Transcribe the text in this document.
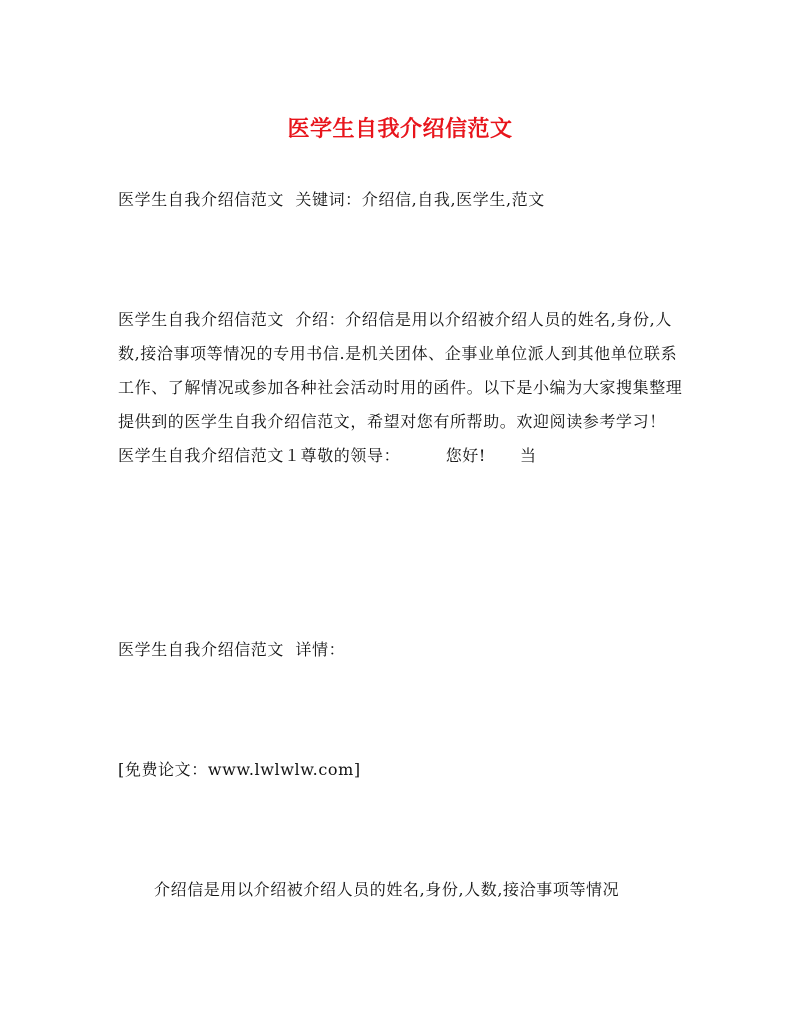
医学生自我介绍信范文

医学生自我介绍信范文  关键词：介绍信,自我,医学生,范文

医学生自我介绍信范文  介绍：介绍信是用以介绍被介绍人员的姓名,身份,人数,接洽事项等情况的专用书信.是机关团体、企事业单位派人到其他单位联系工作、了解情况或参加各种社会活动时用的函件。以下是小编为大家搜集整理提供到的医学生自我介绍信范文，希望对您有所帮助。欢迎阅读参考学习！        医学生自我介绍信范文１尊敬的领导：        您好!      当

医学生自我介绍信范文  详情：

[免费论文：www.lwlwlw.com]

介绍信是用以介绍被介绍人员的姓名,身份,人数,接洽事项等情况
